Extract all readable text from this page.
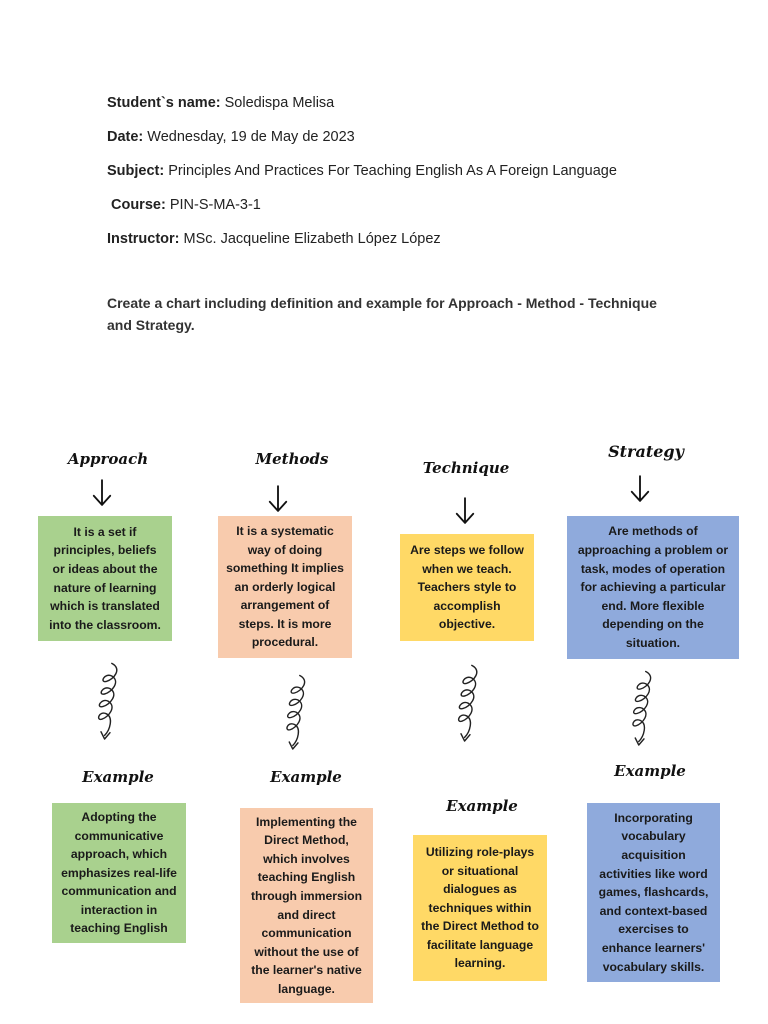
Student`s name: Soledispa Melisa
Date: Wednesday, 19 de May de 2023
Subject: Principles And Practices For Teaching English As A Foreign Language
Course: PIN-S-MA-3-1
Instructor: MSc. Jacqueline Elizabeth López López
Create a chart including definition and example for Approach - Method - Technique and Strategy.
Approach
It is a set if principles, beliefs or ideas about the nature of learning which is translated into the classroom.
Example
Adopting the communicative approach, which emphasizes real-life communication and interaction in teaching English
Methods
It is a systematic way of doing something It implies an orderly logical arrangement of steps. It is more procedural.
Example
Implementing the Direct Method, which involves teaching English through immersion and direct communication without the use of the learner's native language.
Technique
Are steps we follow when we teach. Teachers style to accomplish objective.
Example
Utilizing role-plays or situational dialogues as techniques within the Direct Method to facilitate language learning.
Strategy
Are methods of approaching a problem or task, modes of operation for achieving a particular end. More flexible depending on the situation.
Example
Incorporating vocabulary acquisition activities like word games, flashcards, and context-based exercises to enhance learners' vocabulary skills.
